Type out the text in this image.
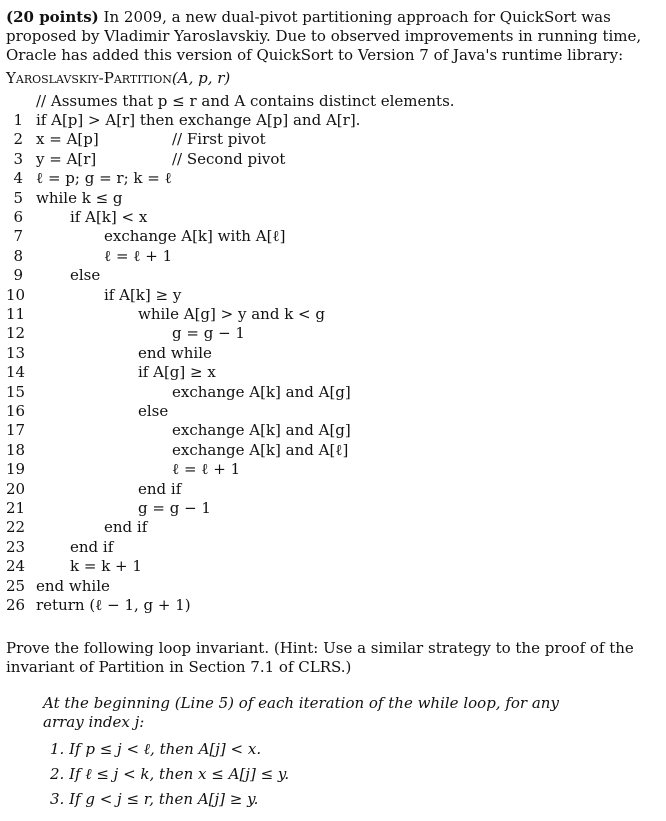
(20 points) In 2009, a new dual-pivot partitioning approach for QuickSort was proposed by Vladimir Yaroslavskiy. Due to observed improvements in running time, Oracle has added this version of QuickSort to Version 7 of Java's runtime library:
Yaroslavskiy-Partition(A, p, r)
// Assumes that p ≤ r and A contains distinct elements.
1 if A[p] > A[r] then exchange A[p] and A[r].
2 x = A[p]	// First pivot
3 y = A[r]	// Second pivot
4 ℓ = p; g = r; k = ℓ
5 while k ≤ g
6	if A[k] < x
7	exchange A[k] with A[ℓ]
8	ℓ = ℓ + 1
9	else
10	if A[k] ≥ y
11	while A[g] > y and k < g
12	g = g − 1
13	end while
14	if A[g] ≥ x
15	exchange A[k] and A[g]
16	else
17	exchange A[k] and A[g]
18	exchange A[k] and A[ℓ]
19	ℓ = ℓ + 1
20	end if
21	g = g − 1
22	end if
23	end if
24	k = k + 1
25 end while
26 return (ℓ − 1, g + 1)
Prove the following loop invariant. (Hint: Use a similar strategy to the proof of the invariant of Partition in Section 7.1 of CLRS.)
At the beginning (Line 5) of each iteration of the while loop, for any array index j:
1. If p ≤ j < ℓ, then A[j] < x.
2. If ℓ ≤ j < k, then x ≤ A[j] ≤ y.
3. If g < j ≤ r, then A[j] ≥ y.
